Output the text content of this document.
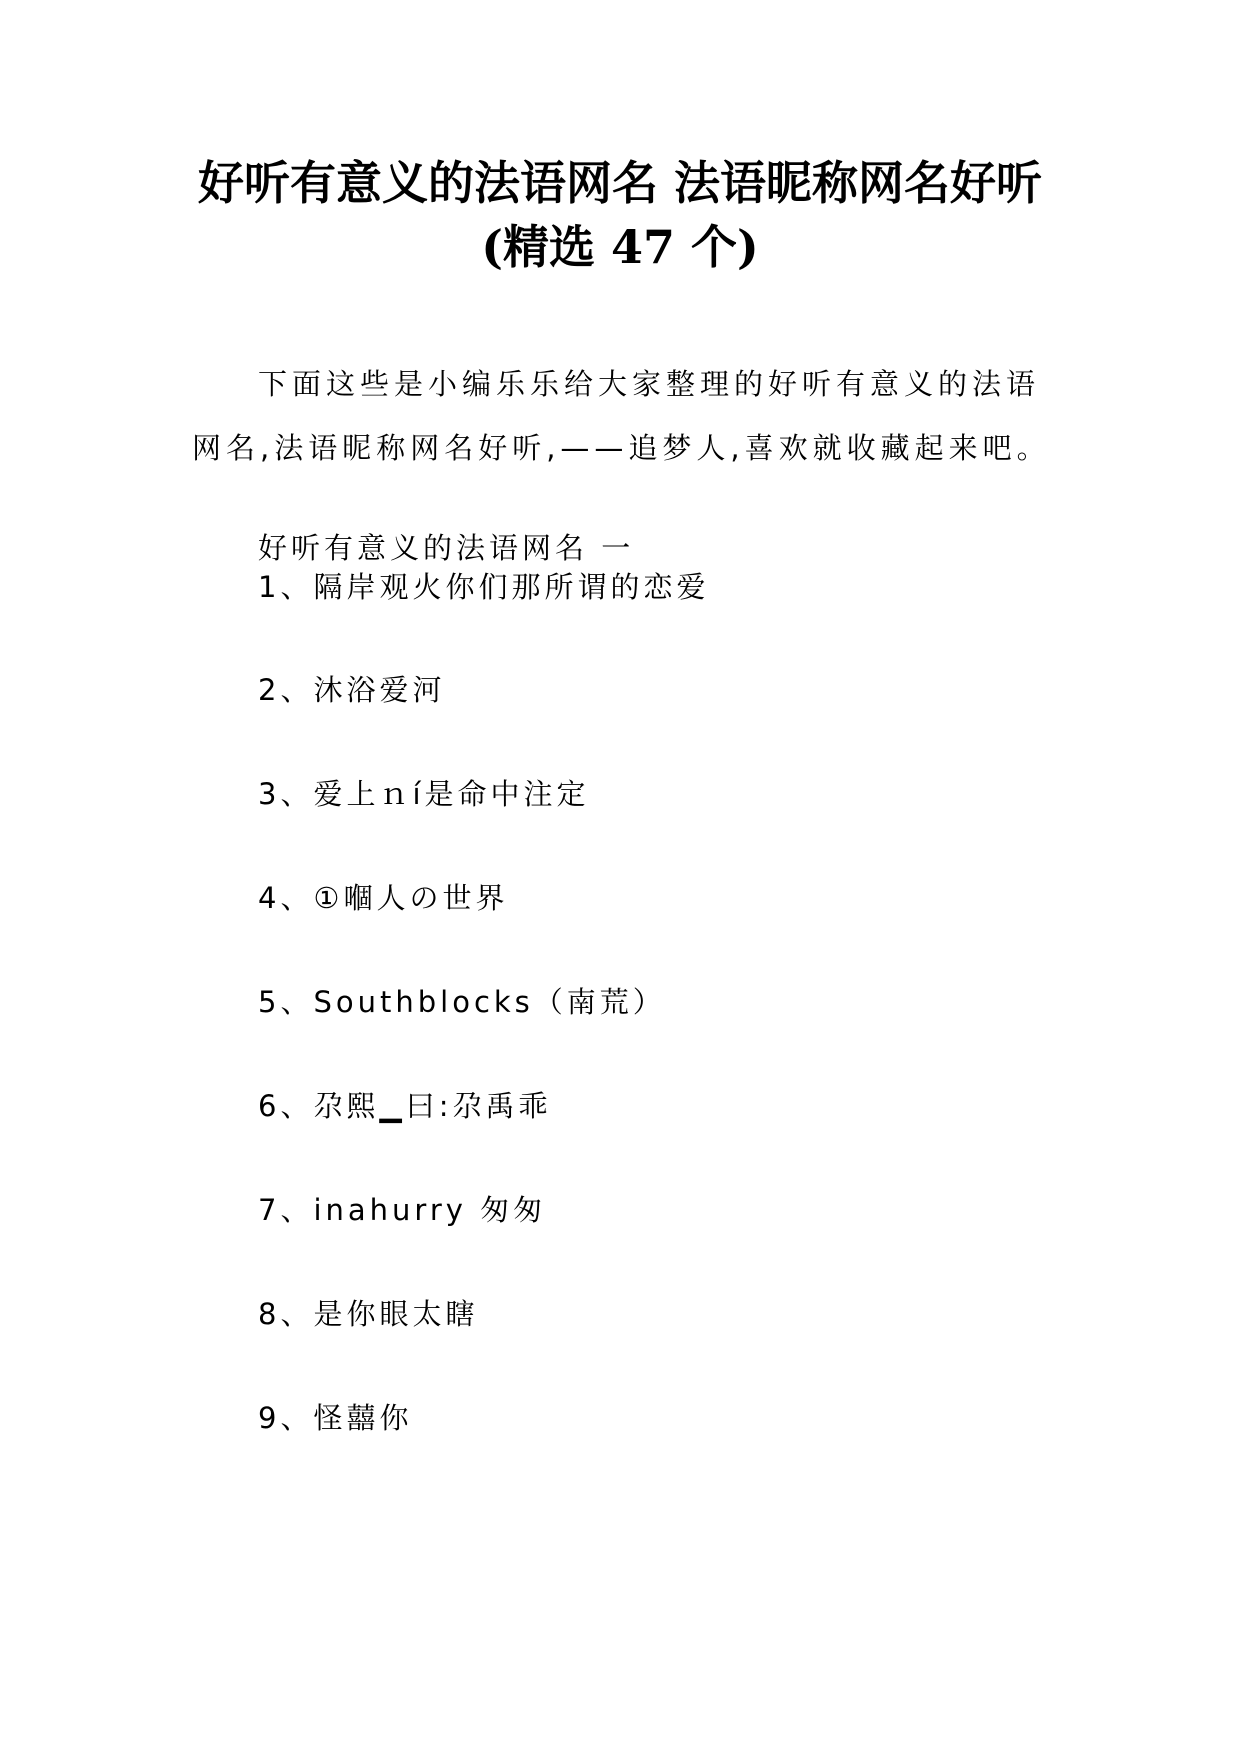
好听有意义的法语网名 法语昵称网名好听
(精选 47 个)

下面这些是小编乐乐给大家整理的好听有意义的法语

网名,法语昵称网名好听,——追梦人,喜欢就收藏起来吧。

好听有意义的法语网名 一

1、隔岸观火你们那所谓的恋爱
2、沐浴爱河
3、爱上ｎí是命中注定
4、①嗰人の世界
5、Southblocks（南荒）
6、尕熙▁曰:尕禹乖
7、inahurry 匆匆
8、是你眼太瞎
9、怪囍你
